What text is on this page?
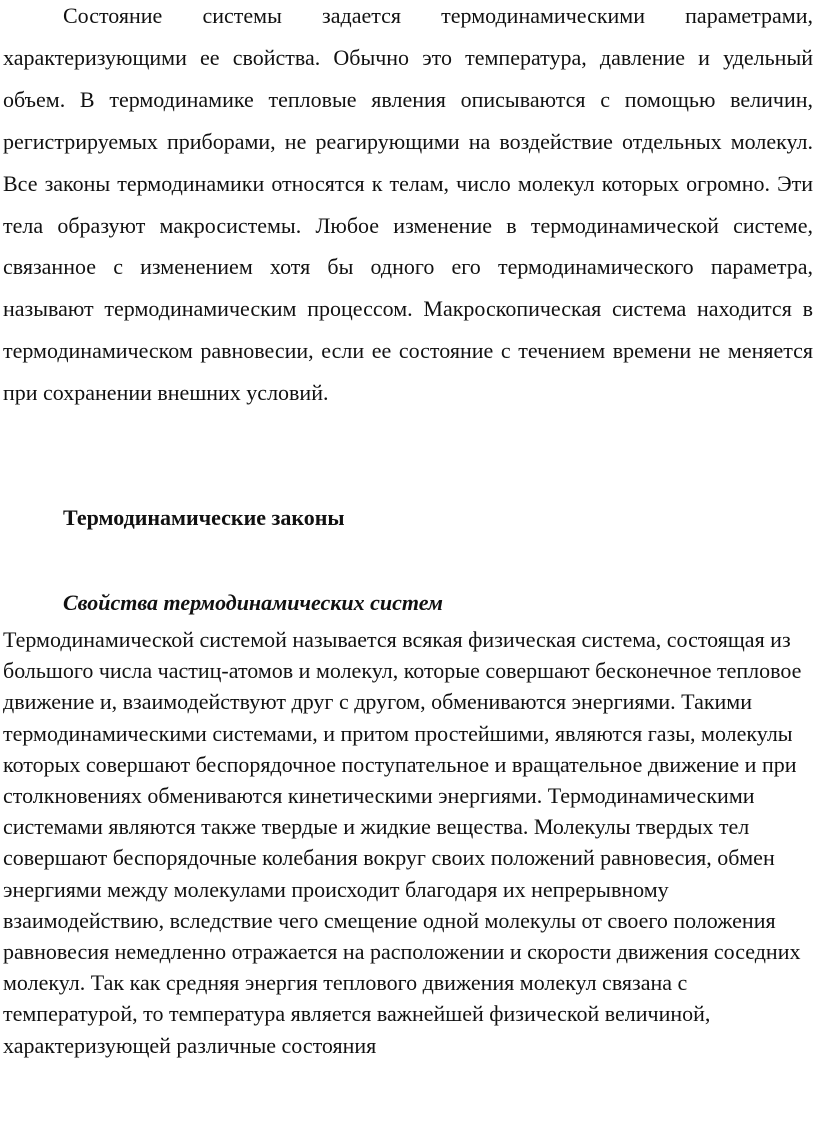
Состояние системы задается термодинамическими параметрами, характеризующими ее свойства. Обычно это температура, давление и удельный объем. В термодинамике тепловые явления описываются с помощью величин, регистрируемых приборами, не реагирующими на воздействие отдельных молекул. Все законы термодинамики относятся к телам, число молекул которых огромно. Эти тела образуют макросистемы. Любое изменение в термодинамической системе, связанное с изменением хотя бы одного его термодинамического параметра, называют термодинамическим процессом. Макроскопическая система находится в термодинамическом равновесии, если ее состояние с течением времени не меняется при сохранении внешних условий.

Термодинамические законы
Свойства термодинамических систем

Термодинамической системой называется всякая физическая система, состоящая из большого числа частиц-атомов и молекул, которые совершают бесконечное тепловое движение и, взаимодействуют друг с другом, обмениваются энергиями. Такими термодинамическими системами, и притом простейшими, являются газы, молекулы которых совершают беспорядочное поступательное и вращательное движение и при столкновениях обмениваются кинетическими энергиями. Термодинамическими системами являются также твердые и жидкие вещества. Молекулы твердых тел совершают беспорядочные колебания вокруг своих положений равновесия, обмен энергиями между молекулами происходит благодаря их непрерывному взаимодействию, вследствие чего смещение одной молекулы от своего положения равновесия немедленно отражается на расположении и скорости движения соседних молекул. Так как средняя энергия теплового движения молекул связана с температурой, то температура является важнейшей физической величиной, характеризующей различные состояния
